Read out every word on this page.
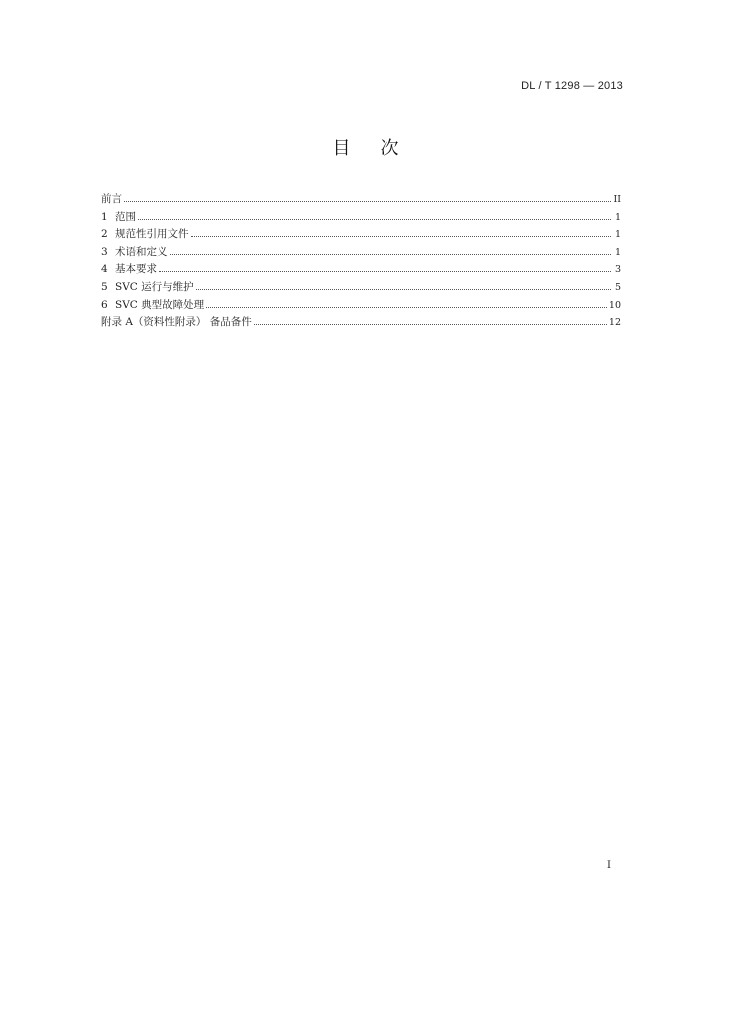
DL / T 1298 — 2013
目次
前言	II
1 范围	1
2 规范性引用文件	1
3 术语和定义	1
4 基本要求	3
5 SVC 运行与维护	5
6 SVC 典型故障处理	10
附录 A（资料性附录） 备品备件	12
I
